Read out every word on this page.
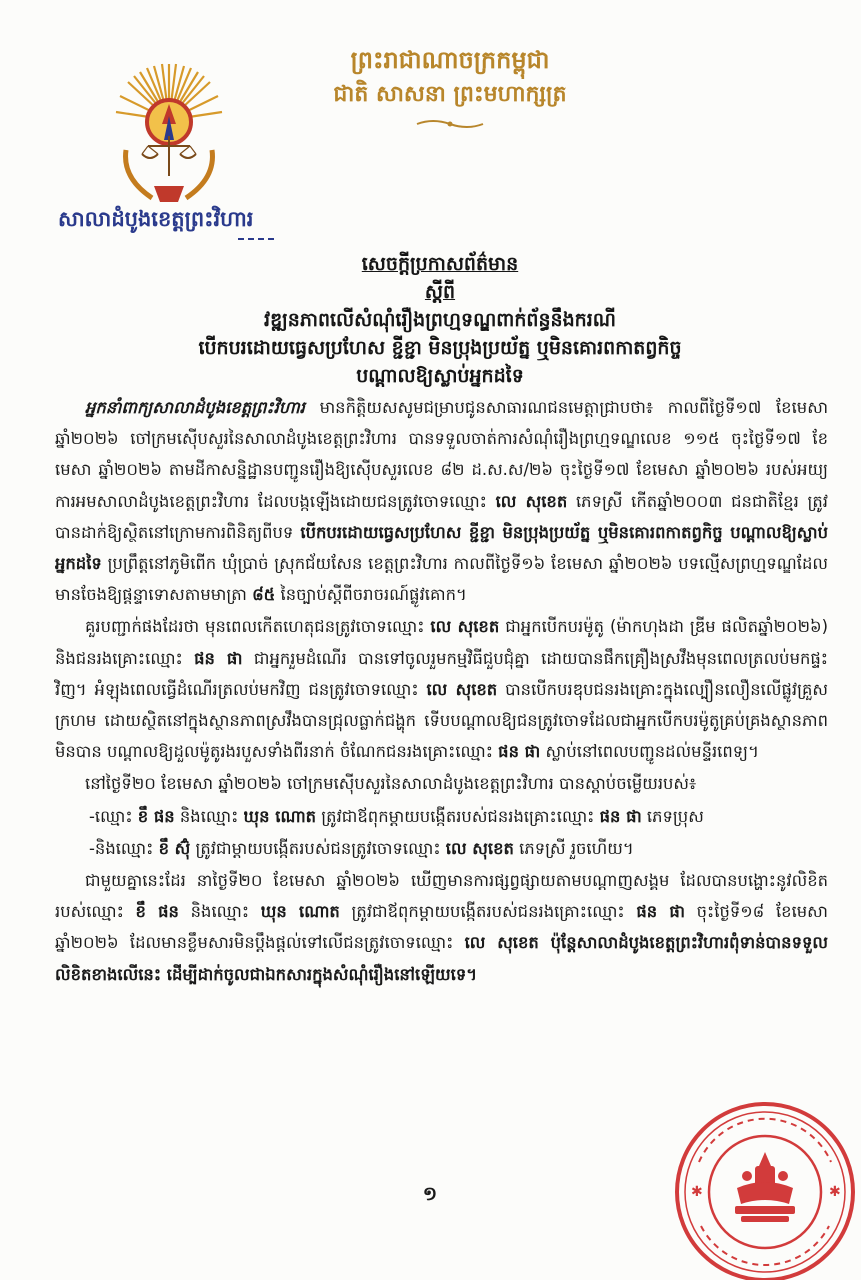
ព្រះរាជាណាចក្រកម្ពុជា
ជាតិ សាសនា ព្រះមហាក្សត្រ
សាលាដំបូងខេត្តព្រះវិហារ
សេចក្តីប្រកាសព័ត៌មាន
ស្តីពី
វឌ្ឍនភាពលើសំណុំរឿងព្រហ្មទណ្ឌពាក់ព័ន្ធនឹងករណី
បើកបរដោយធ្វេសប្រហែស ខ្ជីខ្ជា មិនប្រុងប្រយ័ត្ន ឬមិនគោរពកាតព្វកិច្ច
បណ្តាលឱ្យស្លាប់អ្នកដទៃ

អ្នកនាំពាក្យសាលាដំបូងខេត្តព្រះវិហារ មានកិត្តិយសសូមជម្រាបជូនសាធារណជនមេត្តាជ្រាបថា៖ កាលពីថ្ងៃទី១៧ ខែមេសា ឆ្នាំ២០២៦ ចៅក្រមស៊ើបសួរនៃសាលាដំបូងខេត្តព្រះវិហារ បានទទួលចាត់ការសំណុំរឿងព្រហ្មទណ្ឌលេខ ១១៥ ចុះថ្ងៃទី១៧ ខែមេសា ឆ្នាំ២០២៦ តាមដីកាសន្និដ្ឋានបញ្ជូនរឿងឱ្យស៊ើបសួរលេខ ៨២ ដ.ស.ស/២៦ ចុះថ្ងៃទី១៧ ខែមេសា ឆ្នាំ២០២៦ របស់អយ្យការអមសាលាដំបូងខេត្តព្រះវិហារ ដែលបង្កឡើងដោយជនត្រូវចោទឈ្មោះ លេ សុខេត ភេទស្រី កើតឆ្នាំ២០០៣ ជនជាតិខ្មែរ ត្រូវបានដាក់ឱ្យស្ថិតនៅក្រោមការពិនិត្យពីបទ បើកបរដោយធ្វេសប្រហែស ខ្ជីខ្ជា មិនប្រុងប្រយ័ត្ន ឬមិនគោរពកាតព្វកិច្ច បណ្តាលឱ្យស្លាប់អ្នកដទៃ ប្រព្រឹត្តនៅភូមិពើក ឃុំប្រាច់ ស្រុកជ័យសែន ខេត្តព្រះវិហារ កាលពីថ្ងៃទី១៦ ខែមេសា ឆ្នាំ២០២៦ បទល្មើសព្រហ្មទណ្ឌដែលមានចែងឱ្យផ្តន្ទាទោសតាមមាត្រា ៨៥ នៃច្បាប់ស្តីពីចរាចរណ៍ផ្លូវគោក។

គួរបញ្ជាក់ផងដែរថា មុនពេលកើតហេតុជនត្រូវចោទឈ្មោះ លេ សុខេត ជាអ្នកបើកបរម៉ូតូ (ម៉ាកហុងដា ឌ្រីម ផលិតឆ្នាំ២០២៦) និងជនរងគ្រោះឈ្មោះ ផន ផា ជាអ្នករួមដំណើរ បានទៅចូលរួមកម្មវិធីជួបជុំគ្នា ដោយបានផឹកគ្រឿងស្រវឹងមុនពេលត្រលប់មកផ្ទះវិញ។ អំឡុងពេលធ្វើដំណើរត្រលប់មកវិញ ជនត្រូវចោទឈ្មោះ លេ សុខេត បានបើកបរឌុបជនរងគ្រោះក្នុងល្បឿនលឿនលើផ្លូវគ្រួសក្រហម ដោយស្ថិតនៅក្នុងស្ថានភាពស្រវឹងបានជ្រុលធ្លាក់ជង្ហុក ទើបបណ្តាលឱ្យជនត្រូវចោទដែលជាអ្នកបើកបរម៉ូតូគ្រប់គ្រងស្ថានភាពមិនបាន បណ្តាលឱ្យដួលម៉ូតូរងរបួសទាំងពីរនាក់ ចំណែកជនរងគ្រោះឈ្មោះ ផន ផា ស្លាប់នៅពេលបញ្ជូនដល់មន្ទីរពេទ្យ។

នៅថ្ងៃទី២០ ខែមេសា ឆ្នាំ២០២៦ ចៅក្រមស៊ើបសួរនៃសាលាដំបូងខេត្តព្រះវិហារ បានស្តាប់ចម្លើយរបស់៖

-ឈ្មោះ ខឹ ផន និងឈ្មោះ ឃុន ណោត ត្រូវជាឪពុកម្តាយបង្កើតរបស់ជនរងគ្រោះឈ្មោះ ផន ផា ភេទប្រុស

-និងឈ្មោះ ខឹ ស៊ុំ ត្រូវជាម្តាយបង្កើតរបស់ជនត្រូវចោទឈ្មោះ លេ សុខេត ភេទស្រី រួចហើយ។

ជាមួយគ្នានេះដែរ នាថ្ងៃទី២០ ខែមេសា ឆ្នាំ២០២៦ ឃើញមានការផ្សព្វផ្សាយតាមបណ្តាញសង្គម ដែលបានបង្ហោះនូវលិខិតរបស់ឈ្មោះ ខឹ ផន និងឈ្មោះ ឃុន ណោត ត្រូវជាឪពុកម្តាយបង្កើតរបស់ជនរងគ្រោះឈ្មោះ ផន ផា ចុះថ្ងៃទី១៨ ខែមេសា ឆ្នាំ២០២៦ ដែលមានខ្លឹមសារមិនប្តឹងផ្តល់ទៅលើជនត្រូវចោទឈ្មោះ លេ សុខេត ប៉ុន្តែសាលាដំបូងខេត្តព្រះវិហារពុំទាន់បានទទួលលិខិតខាងលើនេះ ដើម្បីដាក់ចូលជាឯកសារក្នុងសំណុំរឿងនៅឡើយទេ។

១	✱	✱
